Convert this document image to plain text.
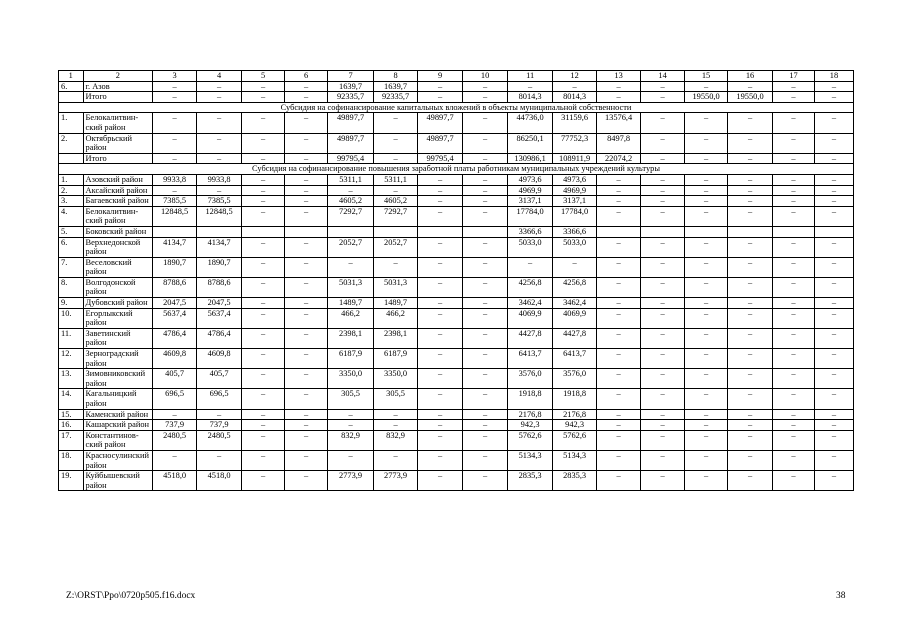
1	2	3	4	5	6	7	8	9	10	11	12	13	14	15	16	17	18
6.	г. Азов	–	–	–	–	1639,7	1639,7	–	–	–	–	–	–	–	–	–	–
	Итого	–	–	–	–	92335,7	92335,7	–	–	8014,3	8014,3	–	–	19550,0	19550,0	–	–
Субсидия на софинансирование капитальных вложений в объекты муниципальной собственности																	
1.	Белокалитвин-ский район	–	–	–	–	49897,7	–	49897,7	–	44736,0	31159,6	13576,4	–	–	–	–	–
2.	Октябрьский район	–	–	–	–	49897,7	–	49897,7	–	86250,1	77752,3	8497,8	–	–	–	–	–
	Итого	–	–	–	–	99795,4	–	99795,4	–	130986,1	108911,9	22074,2	–	–	–	–	–
Субсидия на софинансирование повышения заработной платы работникам муниципальных учреждений культуры																	
1.	Азовский район	9933,8	9933,8	–	–	5311,1	5311,1	–	–	4973,6	4973,6	–	–	–	–	–	–
2.	Аксайский район	–	–	–	–	–	–	–	–	4969,9	4969,9	–	–	–	–	–	–
3.	Багаевский район	7385,5	7385,5	–	–	4605,2	4605,2	–	–	3137,1	3137,1	–	–	–	–	–	–
4.	Белокалитвин-ский район	12848,5	12848,5	–	–	7292,7	7292,7	–	–	17784,0	17784,0	–	–	–	–	–	–
5.	Боковский район									3366,6	3366,6						
6.	Верхнедонской район	4134,7	4134,7	–	–	2052,7	2052,7	–	–	5033,0	5033,0	–	–	–	–	–	–
7.	Веселовский район	1890,7	1890,7	–	–	–	–	–	–	–	–	–	–	–	–	–	–
8.	Волгодонской район	8788,6	8788,6	–	–	5031,3	5031,3	–	–	4256,8	4256,8	–	–	–	–	–	–
9.	Дубовский район	2047,5	2047,5	–	–	1489,7	1489,7	–	–	3462,4	3462,4	–	–	–	–	–	–
10.	Егорлыкский район	5637,4	5637,4	–	–	466,2	466,2	–	–	4069,9	4069,9	–	–	–	–	–	–
11.	Заветинский район	4786,4	4786,4	–	–	2398,1	2398,1	–	–	4427,8	4427,8	–	–	–	–	–	–
12.	Зерноградский район	4609,8	4609,8	–	–	6187,9	6187,9	–	–	6413,7	6413,7	–	–	–	–	–	–
13.	Зимовниковский район	405,7	405,7	–	–	3350,0	3350,0	–	–	3576,0	3576,0	–	–	–	–	–	–
14.	Кагальницкий район	696,5	696,5	–	–	305,5	305,5	–	–	1918,8	1918,8	–	–	–	–	–	–
15.	Каменский район	–	–	–	–	–	–	–	–	2176,8	2176,8	–	–	–	–	–	–
16.	Кашарский район	737,9	737,9	–	–	–	–	–	–	942,3	942,3	–	–	–	–	–	–
17.	Константинов-ский район	2480,5	2480,5	–	–	832,9	832,9	–	–	5762,6	5762,6	–	–	–	–	–	–
18.	Красносулинский район	–	–	–	–	–	–	–	–	5134,3	5134,3	–	–	–	–	–	–
19.	Куйбышевский район	4518,0	4518,0	–	–	2773,9	2773,9	–	–	2835,3	2835,3	–	–	–	–	–	–
Z:\ORST\Ppo\0720p505.f16.docx	38
